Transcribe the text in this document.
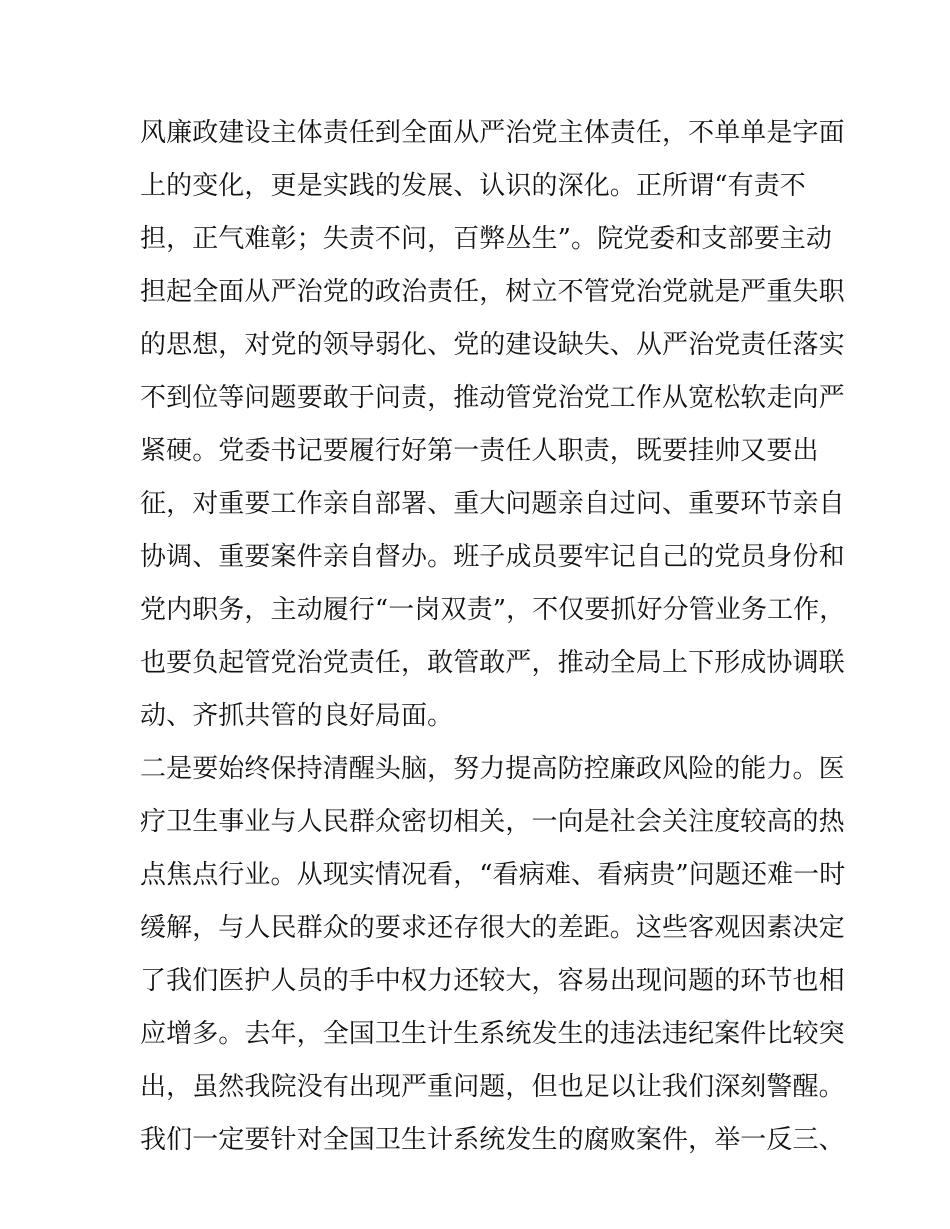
风廉政建设主体责任到全面从严治党主体责任，不单单是字面
上的变化，更是实践的发展、认识的深化。正所谓“有责不
担，正气难彰；失责不问，百弊丛生”。院党委和支部要主动
担起全面从严治党的政治责任，树立不管党治党就是严重失职
的思想，对党的领导弱化、党的建设缺失、从严治党责任落实
不到位等问题要敢于问责，推动管党治党工作从宽松软走向严
紧硬。党委书记要履行好第一责任人职责，既要挂帅又要出
征，对重要工作亲自部署、重大问题亲自过问、重要环节亲自
协调、重要案件亲自督办。班子成员要牢记自己的党员身份和
党内职务，主动履行“一岗双责”，不仅要抓好分管业务工作，
也要负起管党治党责任，敢管敢严，推动全局上下形成协调联
动、齐抓共管的良好局面。
二是要始终保持清醒头脑，努力提高防控廉政风险的能力。医
疗卫生事业与人民群众密切相关，一向是社会关注度较高的热
点焦点行业。从现实情况看，“看病难、看病贵”问题还难一时
缓解，与人民群众的要求还存很大的差距。这些客观因素决定
了我们医护人员的手中权力还较大，容易出现问题的环节也相
应增多。去年，全国卫生计生系统发生的违法违纪案件比较突
出，虽然我院没有出现严重问题，但也足以让我们深刻警醒。
我们一定要针对全国卫生计系统发生的腐败案件，举一反三、
